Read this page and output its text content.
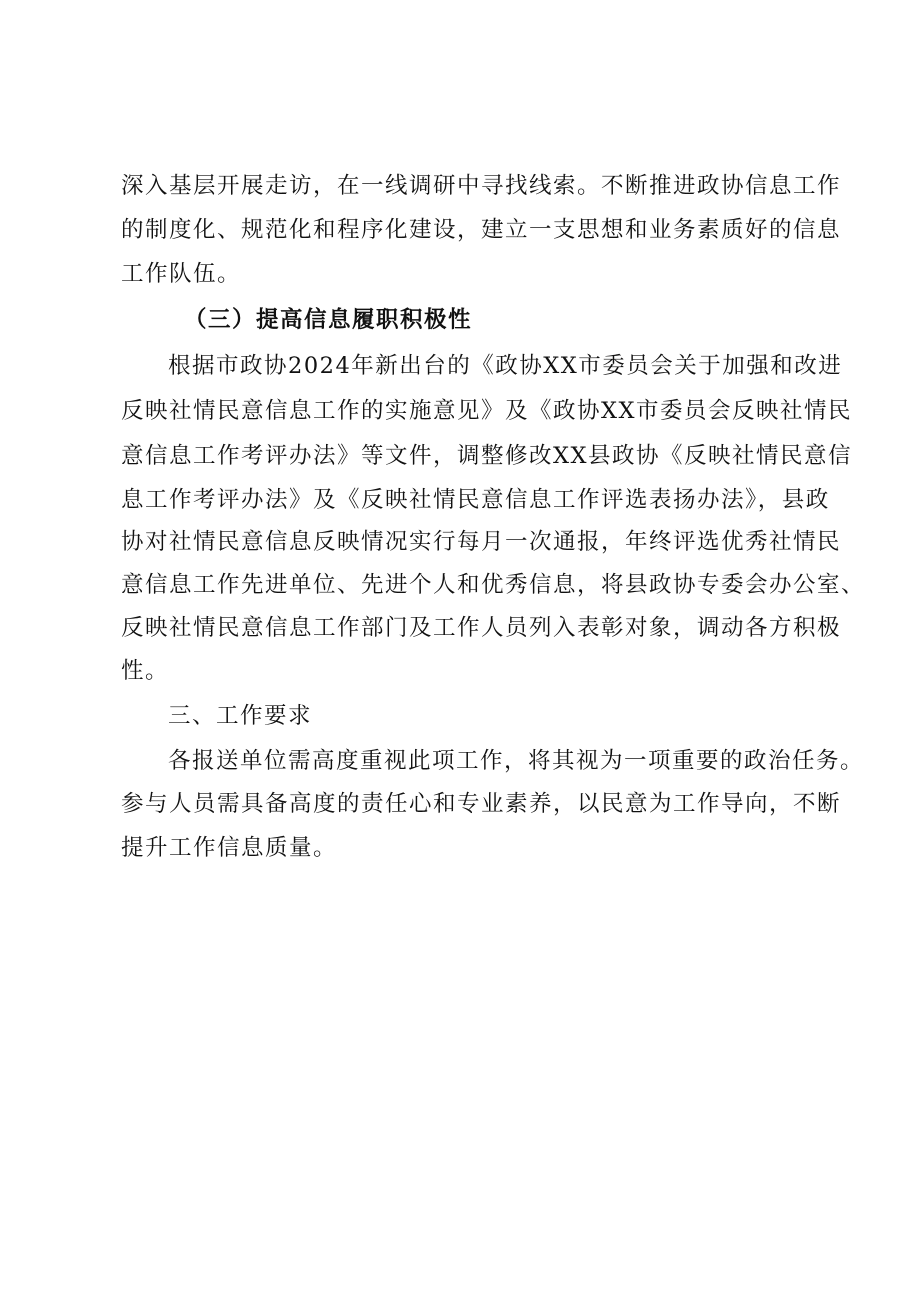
深入基层开展走访，在一线调研中寻找线索。不断推进政协信息工作
的制度化、规范化和程序化建设，建立一支思想和业务素质好的信息
工作队伍。
（三）提高信息履职积极性
根据市政协2024年新出台的《政协XX市委员会关于加强和改进
反映社情民意信息工作的实施意见》及《政协XX市委员会反映社情民
意信息工作考评办法》等文件，调整修改XX县政协《反映社情民意信
息工作考评办法》及《反映社情民意信息工作评选表扬办法》，县政
协对社情民意信息反映情况实行每月一次通报，年终评选优秀社情民
意信息工作先进单位、先进个人和优秀信息，将县政协专委会办公室、
反映社情民意信息工作部门及工作人员列入表彰对象，调动各方积极
性。
三、工作要求
各报送单位需高度重视此项工作，将其视为一项重要的政治任务。
参与人员需具备高度的责任心和专业素养，以民意为工作导向，不断
提升工作信息质量。
